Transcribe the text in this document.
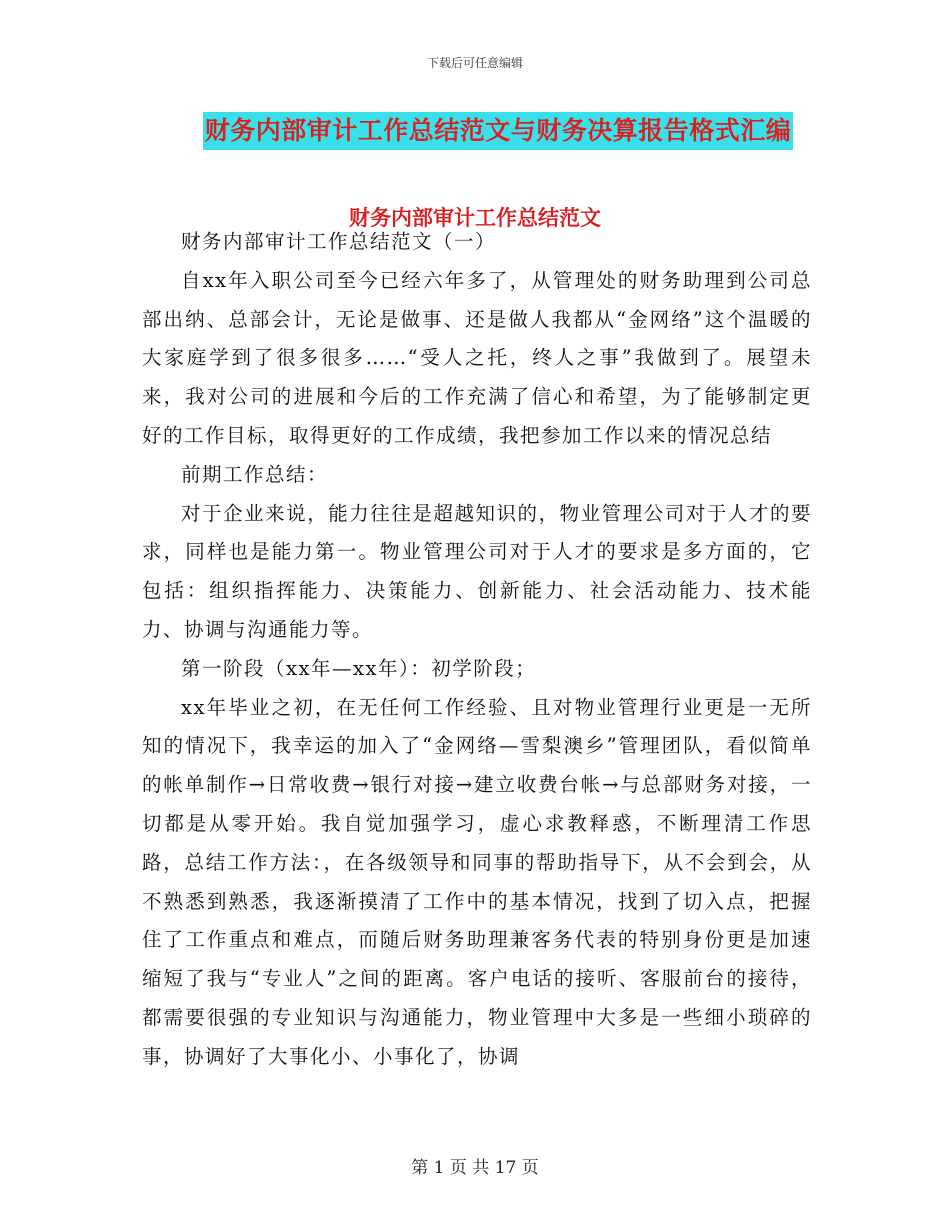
下载后可任意编辑
财务内部审计工作总结范文与财务决算报告格式汇编
财务内部审计工作总结范文

财务内部审计工作总结范文（一）

自xx年入职公司至今已经六年多了，从管理处的财务助理到公司总部出纳、总部会计，无论是做事、还是做人我都从“金网络”这个温暖的大家庭学到了很多很多……“受人之托，终人之事”我做到了。展望未来，我对公司的进展和今后的工作充满了信心和希望，为了能够制定更好的工作目标，取得更好的工作成绩，我把参加工作以来的情况总结

前期工作总结：

对于企业来说，能力往往是超越知识的，物业管理公司对于人才的要求，同样也是能力第一。物业管理公司对于人才的要求是多方面的，它包括：组织指挥能力、决策能力、创新能力、社会活动能力、技术能力、协调与沟通能力等。

第一阶段（xx年—xx年）：初学阶段；

xx年毕业之初，在无任何工作经验、且对物业管理行业更是一无所知的情况下，我幸运的加入了“金网络—雪梨澳乡”管理团队，看似简单的帐单制作→日常收费→银行对接→建立收费台帐→与总部财务对接，一切都是从零开始。我自觉加强学习，虚心求教释惑，不断理清工作思路，总结工作方法：，在各级领导和同事的帮助指导下，从不会到会，从不熟悉到熟悉，我逐渐摸清了工作中的基本情况，找到了切入点，把握住了工作重点和难点，而随后财务助理兼客务代表的特别身份更是加速缩短了我与“专业人”之间的距离。客户电话的接听、客服前台的接待，都需要很强的专业知识与沟通能力，物业管理中大多是一些细小琐碎的事，协调好了大事化小、小事化了，协调

第 1 页 共 17 页
